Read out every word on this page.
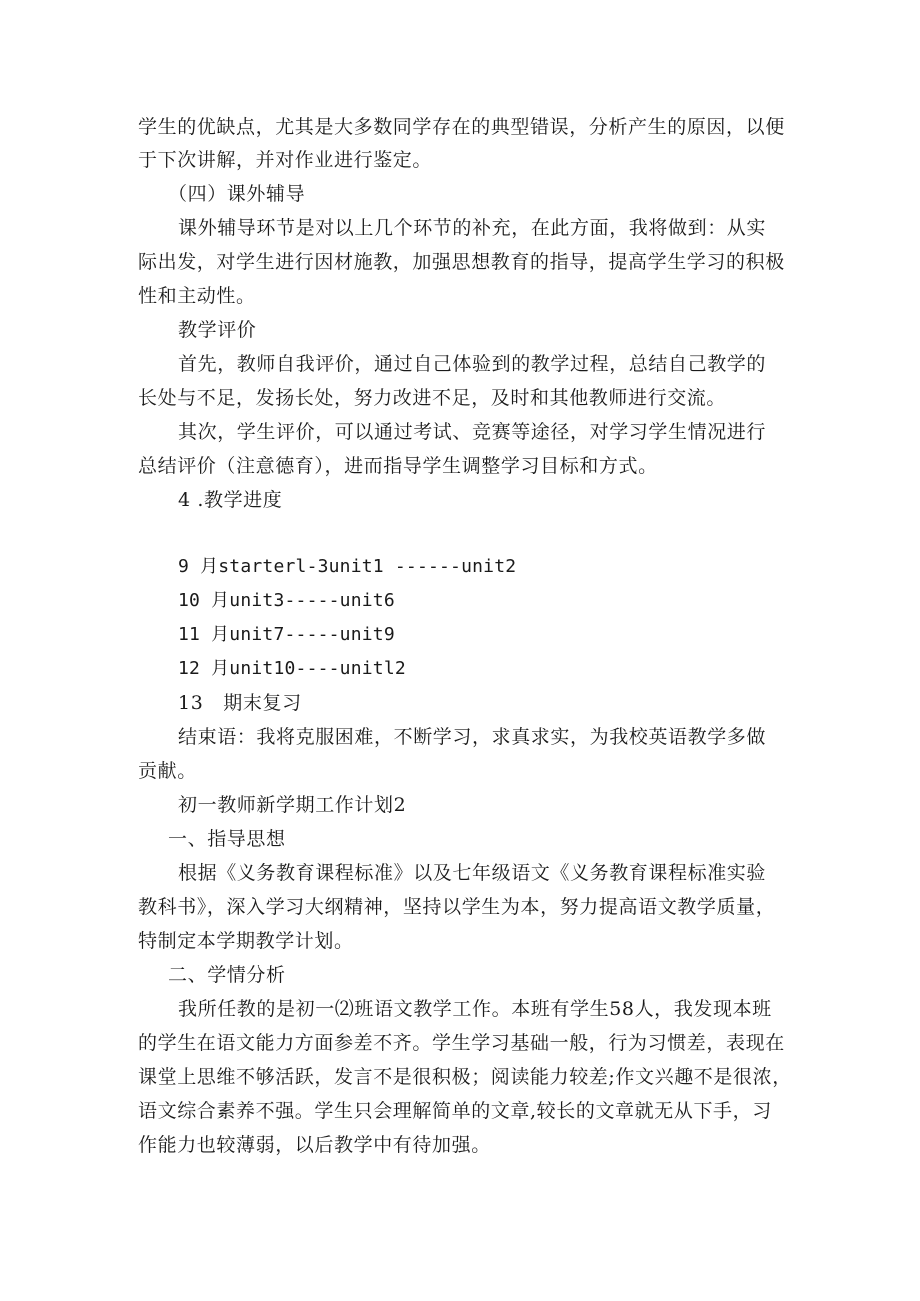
学生的优缺点，尤其是大多数同学存在的典型错误，分析产生的原因，以便
于下次讲解，并对作业进行鉴定。
（四）课外辅导
课外辅导环节是对以上几个环节的补充，在此方面，我将做到：从实
际出发，对学生进行因材施教，加强思想教育的指导，提高学生学习的积极
性和主动性。
教学评价
首先，教师自我评价，通过自己体验到的教学过程，总结自己教学的
长处与不足，发扬长处，努力改进不足，及时和其他教师进行交流。
其次，学生评价，可以通过考试、竞赛等途径，对学习学生情况进行
总结评价（注意德育），进而指导学生调整学习目标和方式。
4 .教学进度
9 月starterl-3unit1 ------unit2
10 月unit3-----unit6
11 月unit7-----unit9
12 月unit10----unitl2
13   期末复习
结束语：我将克服困难，不断学习，求真求实，为我校英语教学多做
贡献。
初一教师新学期工作计划2
一、指导思想
根据《义务教育课程标准》以及七年级语文《义务教育课程标准实验
教科书》，深入学习大纲精神，坚持以学生为本，努力提高语文教学质量，
特制定本学期教学计划。
二、学情分析
我所任教的是初一⑵班语文教学工作。本班有学生58人，我发现本班
的学生在语文能力方面参差不齐。学生学习基础一般，行为习惯差，表现在
课堂上思维不够活跃，发言不是很积极；阅读能力较差;作文兴趣不是很浓，
语文综合素养不强。学生只会理解简单的文章,较长的文章就无从下手，习
作能力也较薄弱，以后教学中有待加强。
